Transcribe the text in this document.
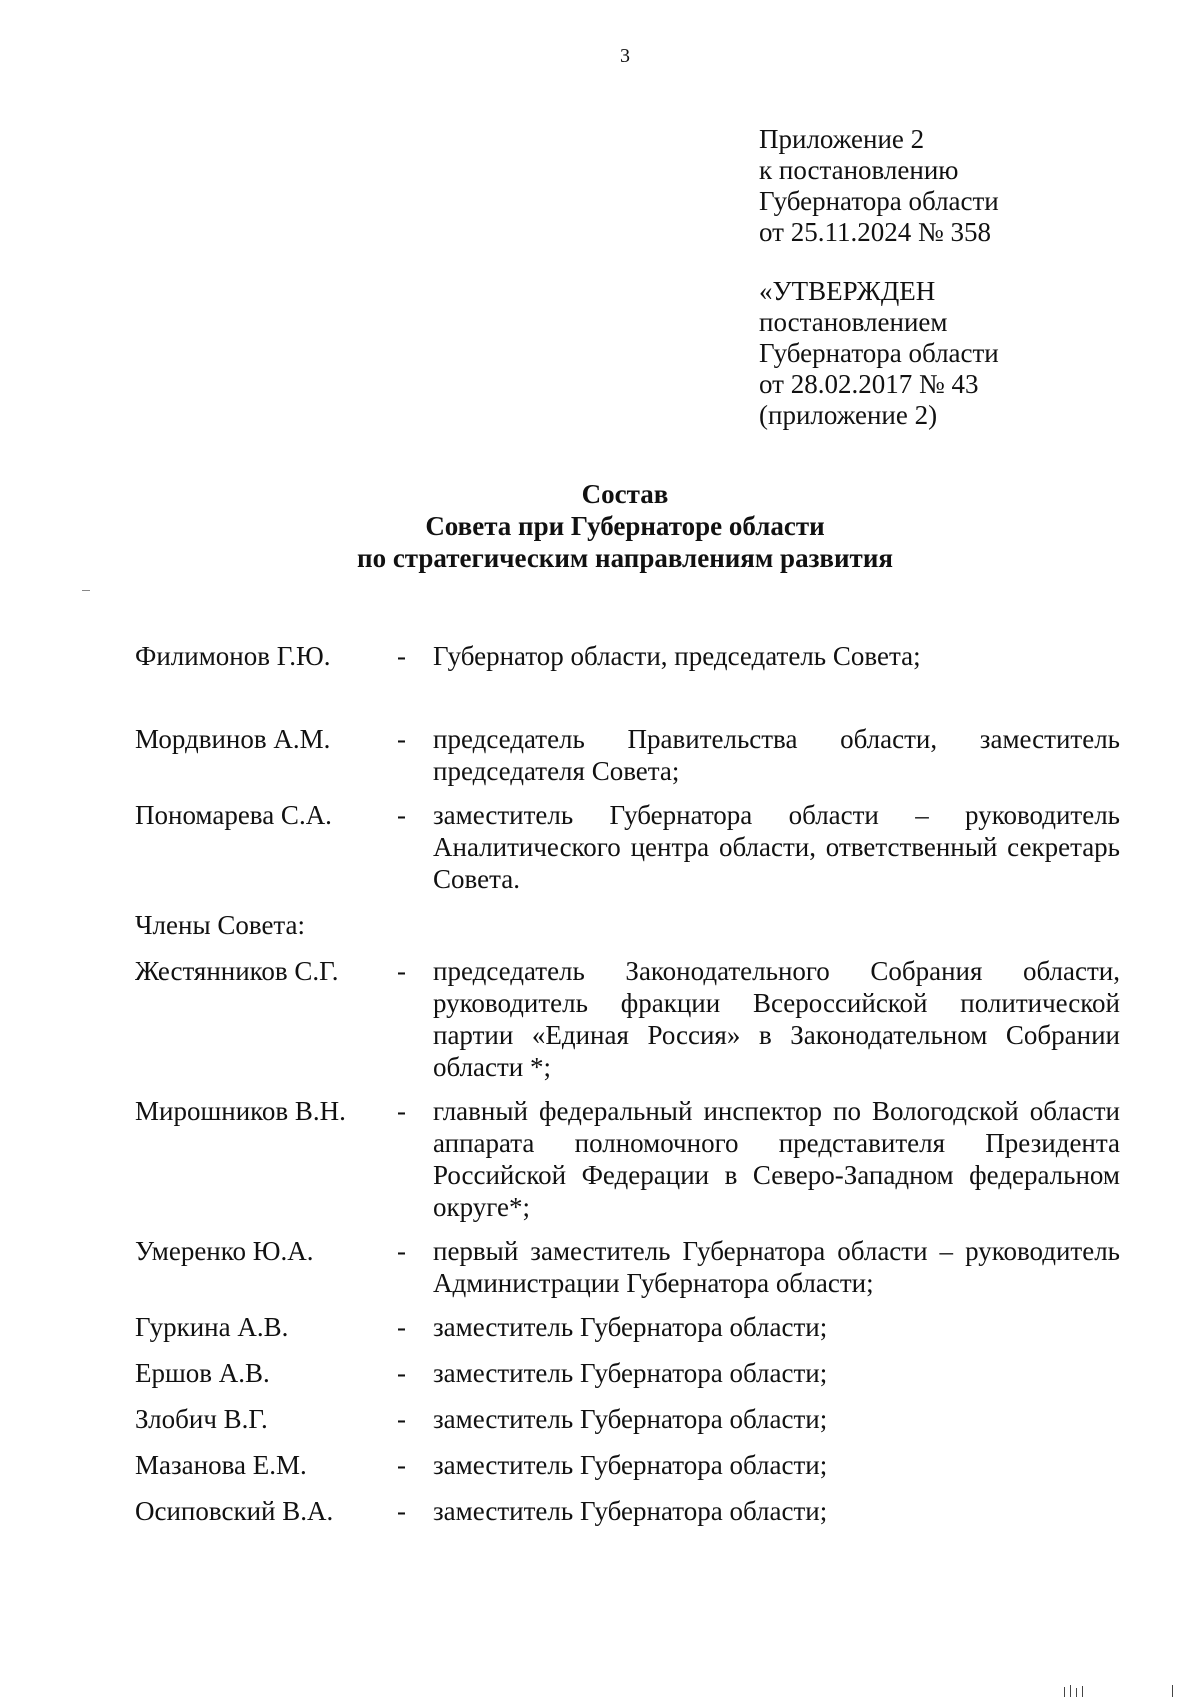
3
Приложение 2
к постановлению
Губернатора области
от 25.11.2024 № 358
«УТВЕРЖДЕН
постановлением
Губернатора области
от 28.02.2017 № 43
(приложение 2)
Состав
Совета при Губернаторе области
по стратегическим направлениям развития
Филимонов Г.Ю.	-	Губернатор области, председатель Совета;
Мордвинов А.М.	-	председатель Правительства области, заместитель председателя Совета;
Пономарева С.А.	-	заместитель Губернатора области – руководитель Аналитического центра области, ответственный секретарь Совета.
Члены Совета:
Жестянников С.Г.	-	председатель Законодательного Собрания области, руководитель фракции Всероссийской политической партии «Единая Россия» в Законодательном Собрании области *;
Мирошников В.Н.	-	главный федеральный инспектор по Вологодской области аппарата полномочного представителя Президента Российской Федерации в Северо-Западном федеральном округе*;
Умеренко Ю.А.	-	первый заместитель Губернатора области – руководитель Администрации Губернатора области;
Гуркина А.В.	-	заместитель Губернатора области;
Ершов А.В.	-	заместитель Губернатора области;
Злобич В.Г.	-	заместитель Губернатора области;
Мазанова Е.М.	-	заместитель Губернатора области;
Осиповский В.А.	-	заместитель Губернатора области;
